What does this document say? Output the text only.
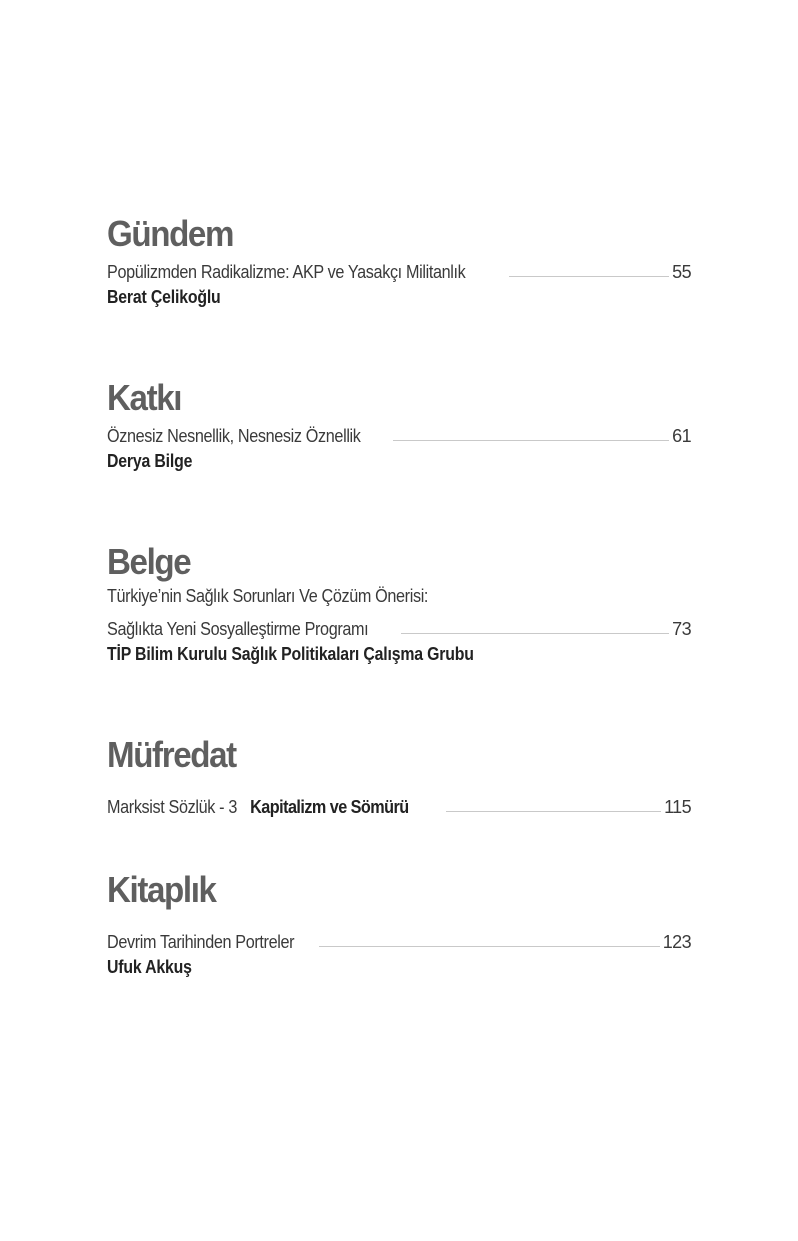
Gündem
Popülizmden Radikalizme: AKP ve Yasakçı Militanlık	55
Berat Çelikoğlu
Katkı
Öznesiz Nesnellik, Nesnesiz Öznellik	61
Derya Bilge
Belge
Türkiye’nin Sağlık Sorunları Ve Çözüm Önerisi:
Sağlıkta Yeni Sosyalleştirme Programı	73
TİP Bilim Kurulu Sağlık Politikaları Çalışma Grubu
Müfredat
Marksist Sözlük - 3 Kapitalizm ve Sömürü	115
Kitaplık
Devrim Tarihinden Portreler	123
Ufuk Akkuş
